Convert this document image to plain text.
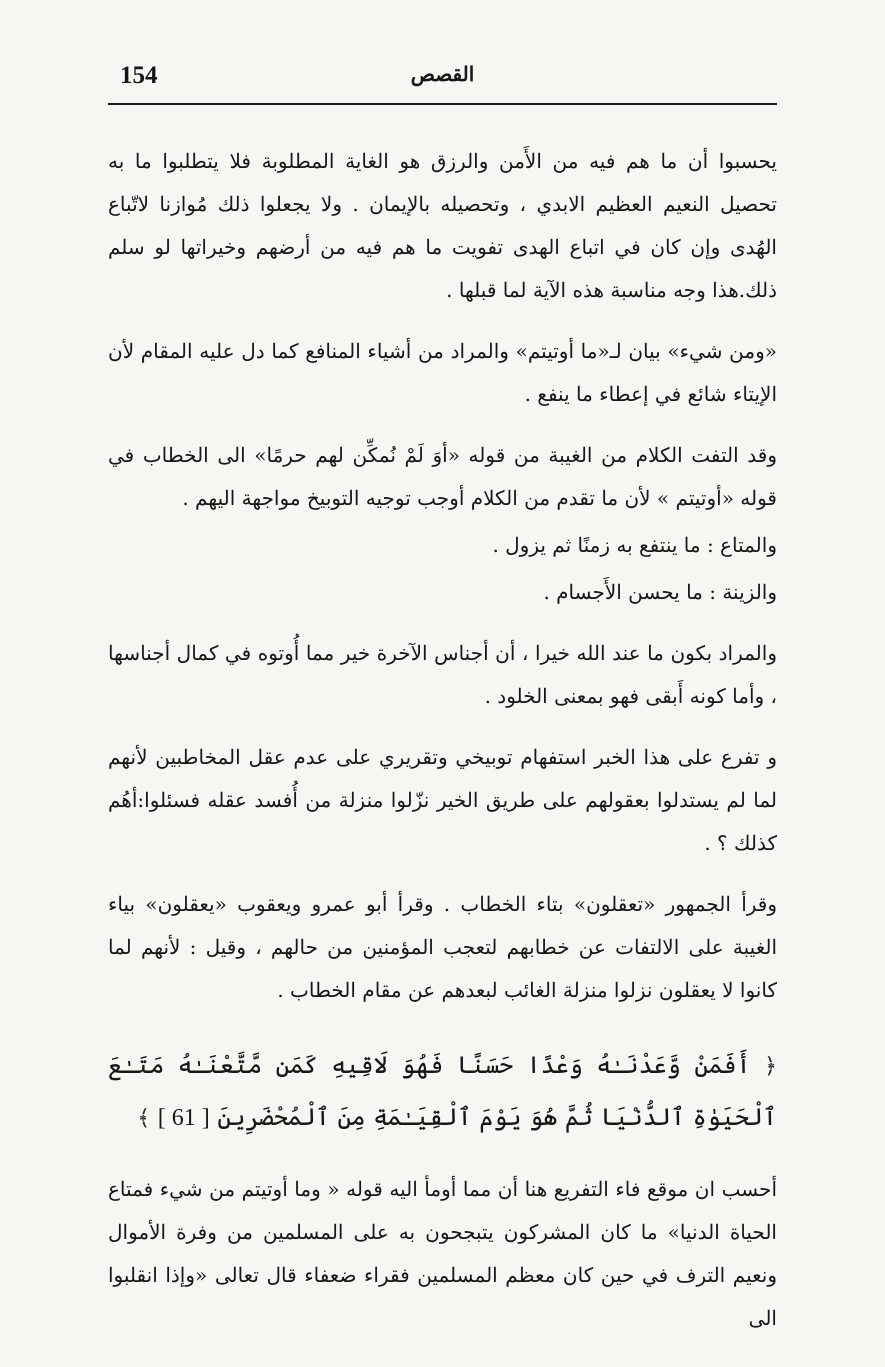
154	القصص

يحسبوا أن ما هم فيه من الأَمن والرزق هو الغاية المطلوبة فلا يتطلبوا ما به تحصيل النعيم العظيم الابدي ، وتحصيله بالإيمان . ولا يجعلوا ذلك مُوازنا لاتّباع الهُدى وإن كان في اتباع الهدى تفويت ما هم فيه من أرضهم وخيراتها لو سلم ذلك.هذا وجه مناسبة هذه الآية لما قبلها .

«ومن شيء» بيان لـ«ما أوتيتم» والمراد من أشياء المنافع كما دل عليه المقام لأن الإيتاء شائع في إعطاء ما ينفع .

وقد التفت الكلام من الغيبة من قوله «أوَ لَمْ نُمكِّن لهم حرمًا» الى الخطاب في قوله «أوتيتم » لأن ما تقدم من الكلام أوجب توجيه التوبيخ مواجهة اليهم .

والمتاع : ما ينتفع به زمنًا ثم يزول .

والزينة : ما يحسن الأَجسام .

والمراد بكون ما عند الله خيرا ، أن أجناس الآخرة خير مما أُوتوه في كمال أجناسها ، وأما كونه أَبقى فهو بمعنى الخلود .

و تفرع على هذا الخبر استفهام توبيخي وتقريري على عدم عقل المخاطبين لأنهم لما لم يستدلوا بعقولهم على طريق الخير نزّلوا منزلة من أُفسد عقله فسئلوا:أهُم كذلك ؟ .

وقرأ الجمهور «تعقلون» بتاء الخطاب . وقرأ أبو عمرو ويعقوب «يعقلون» بياء الغيبة على الالتفات عن خطابهم لتعجب المؤمنين من حالهم ، وقيل : لأنهم لما كانوا لا يعقلون نزلوا منزلة الغائب لبعدهم عن مقام الخطاب .

﴿ أَفَمَنْ وَّعَدْنَـٰهُ وَعْدًا حَسَنًا فَهُوَ لَاقِيهِ كَمَن مَّتَّعْنَـٰهُ مَتَـٰعَ ٱلْحَيَوٰةِ ٱلدُّنْيَا ثُمَّ هُوَ يَوْمَ ٱلْقِيَـٰمَةِ مِنَ ٱلْمُحْضَرِينَ [ 61 ] ﴾

أحسب ان موقع فاء التفريع هنا أن مما أومأ اليه قوله « وما أوتيتم من شيء فمتاع الحياة الدنيا» ما كان المشركون يتبجحون به على المسلمين من وفرة الأموال ونعيم الترف في حين كان معظم المسلمين فقراء ضعفاء قال تعالى «وإذا انقلبوا الى
